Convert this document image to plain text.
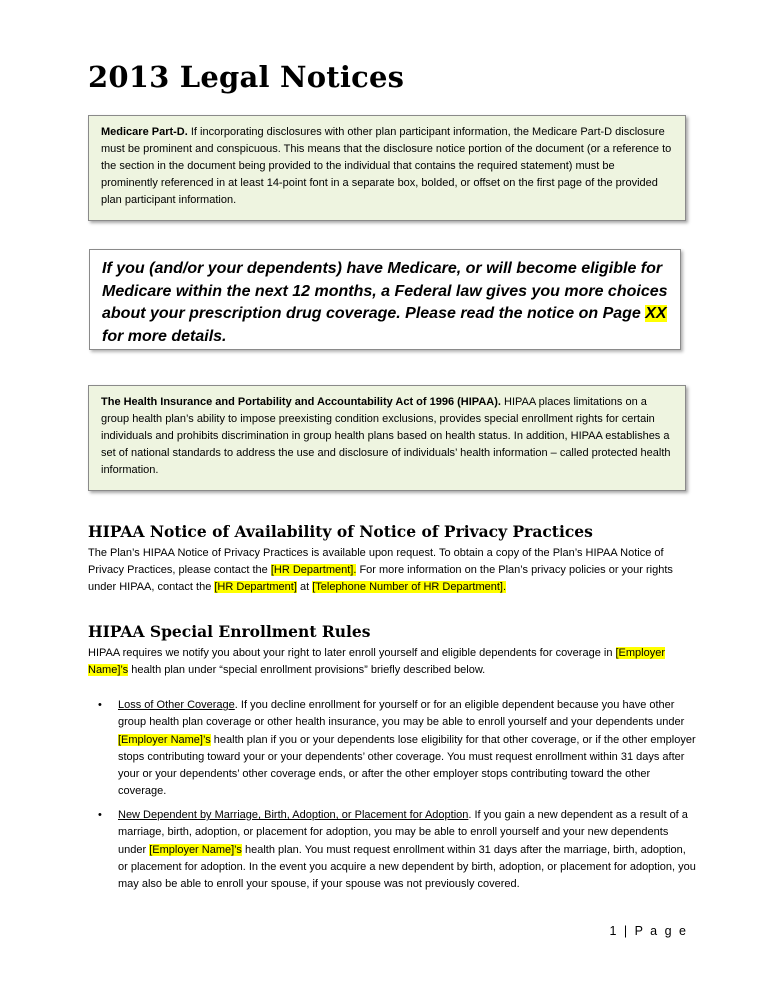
2013 Legal Notices
Medicare Part-D. If incorporating disclosures with other plan participant information, the Medicare Part-D disclosure must be prominent and conspicuous. This means that the disclosure notice portion of the document (or a reference to the section in the document being provided to the individual that contains the required statement) must be prominently referenced in at least 14-point font in a separate box, bolded, or offset on the first page of the provided plan participant information.
If you (and/or your dependents) have Medicare, or will become eligible for Medicare within the next 12 months, a Federal law gives you more choices about your prescription drug coverage. Please read the notice on Page XX for more details.
The Health Insurance and Portability and Accountability Act of 1996 (HIPAA). HIPAA places limitations on a group health plan’s ability to impose preexisting condition exclusions, provides special enrollment rights for certain individuals and prohibits discrimination in group health plans based on health status. In addition, HIPAA establishes a set of national standards to address the use and disclosure of individuals’ health information – called protected health information.
HIPAA Notice of Availability of Notice of Privacy Practices
The Plan’s HIPAA Notice of Privacy Practices is available upon request. To obtain a copy of the Plan’s HIPAA Notice of Privacy Practices, please contact the [HR Department]. For more information on the Plan’s privacy policies or your rights under HIPAA, contact the [HR Department] at [Telephone Number of HR Department].
HIPAA Special Enrollment Rules
HIPAA requires we notify you about your right to later enroll yourself and eligible dependents for coverage in [Employer Name]’s health plan under “special enrollment provisions” briefly described below.
• Loss of Other Coverage. If you decline enrollment for yourself or for an eligible dependent because you have other group health plan coverage or other health insurance, you may be able to enroll yourself and your dependents under [Employer Name]’s health plan if you or your dependents lose eligibility for that other coverage, or if the other employer stops contributing toward your or your dependents’ other coverage. You must request enrollment within 31 days after your or your dependents’ other coverage ends, or after the other employer stops contributing toward the other coverage.
• New Dependent by Marriage, Birth, Adoption, or Placement for Adoption. If you gain a new dependent as a result of a marriage, birth, adoption, or placement for adoption, you may be able to enroll yourself and your new dependents under [Employer Name]’s health plan. You must request enrollment within 31 days after the marriage, birth, adoption, or placement for adoption. In the event you acquire a new dependent by birth, adoption, or placement for adoption, you may also be able to enroll your spouse, if your spouse was not previously covered.
1 | P a g e
